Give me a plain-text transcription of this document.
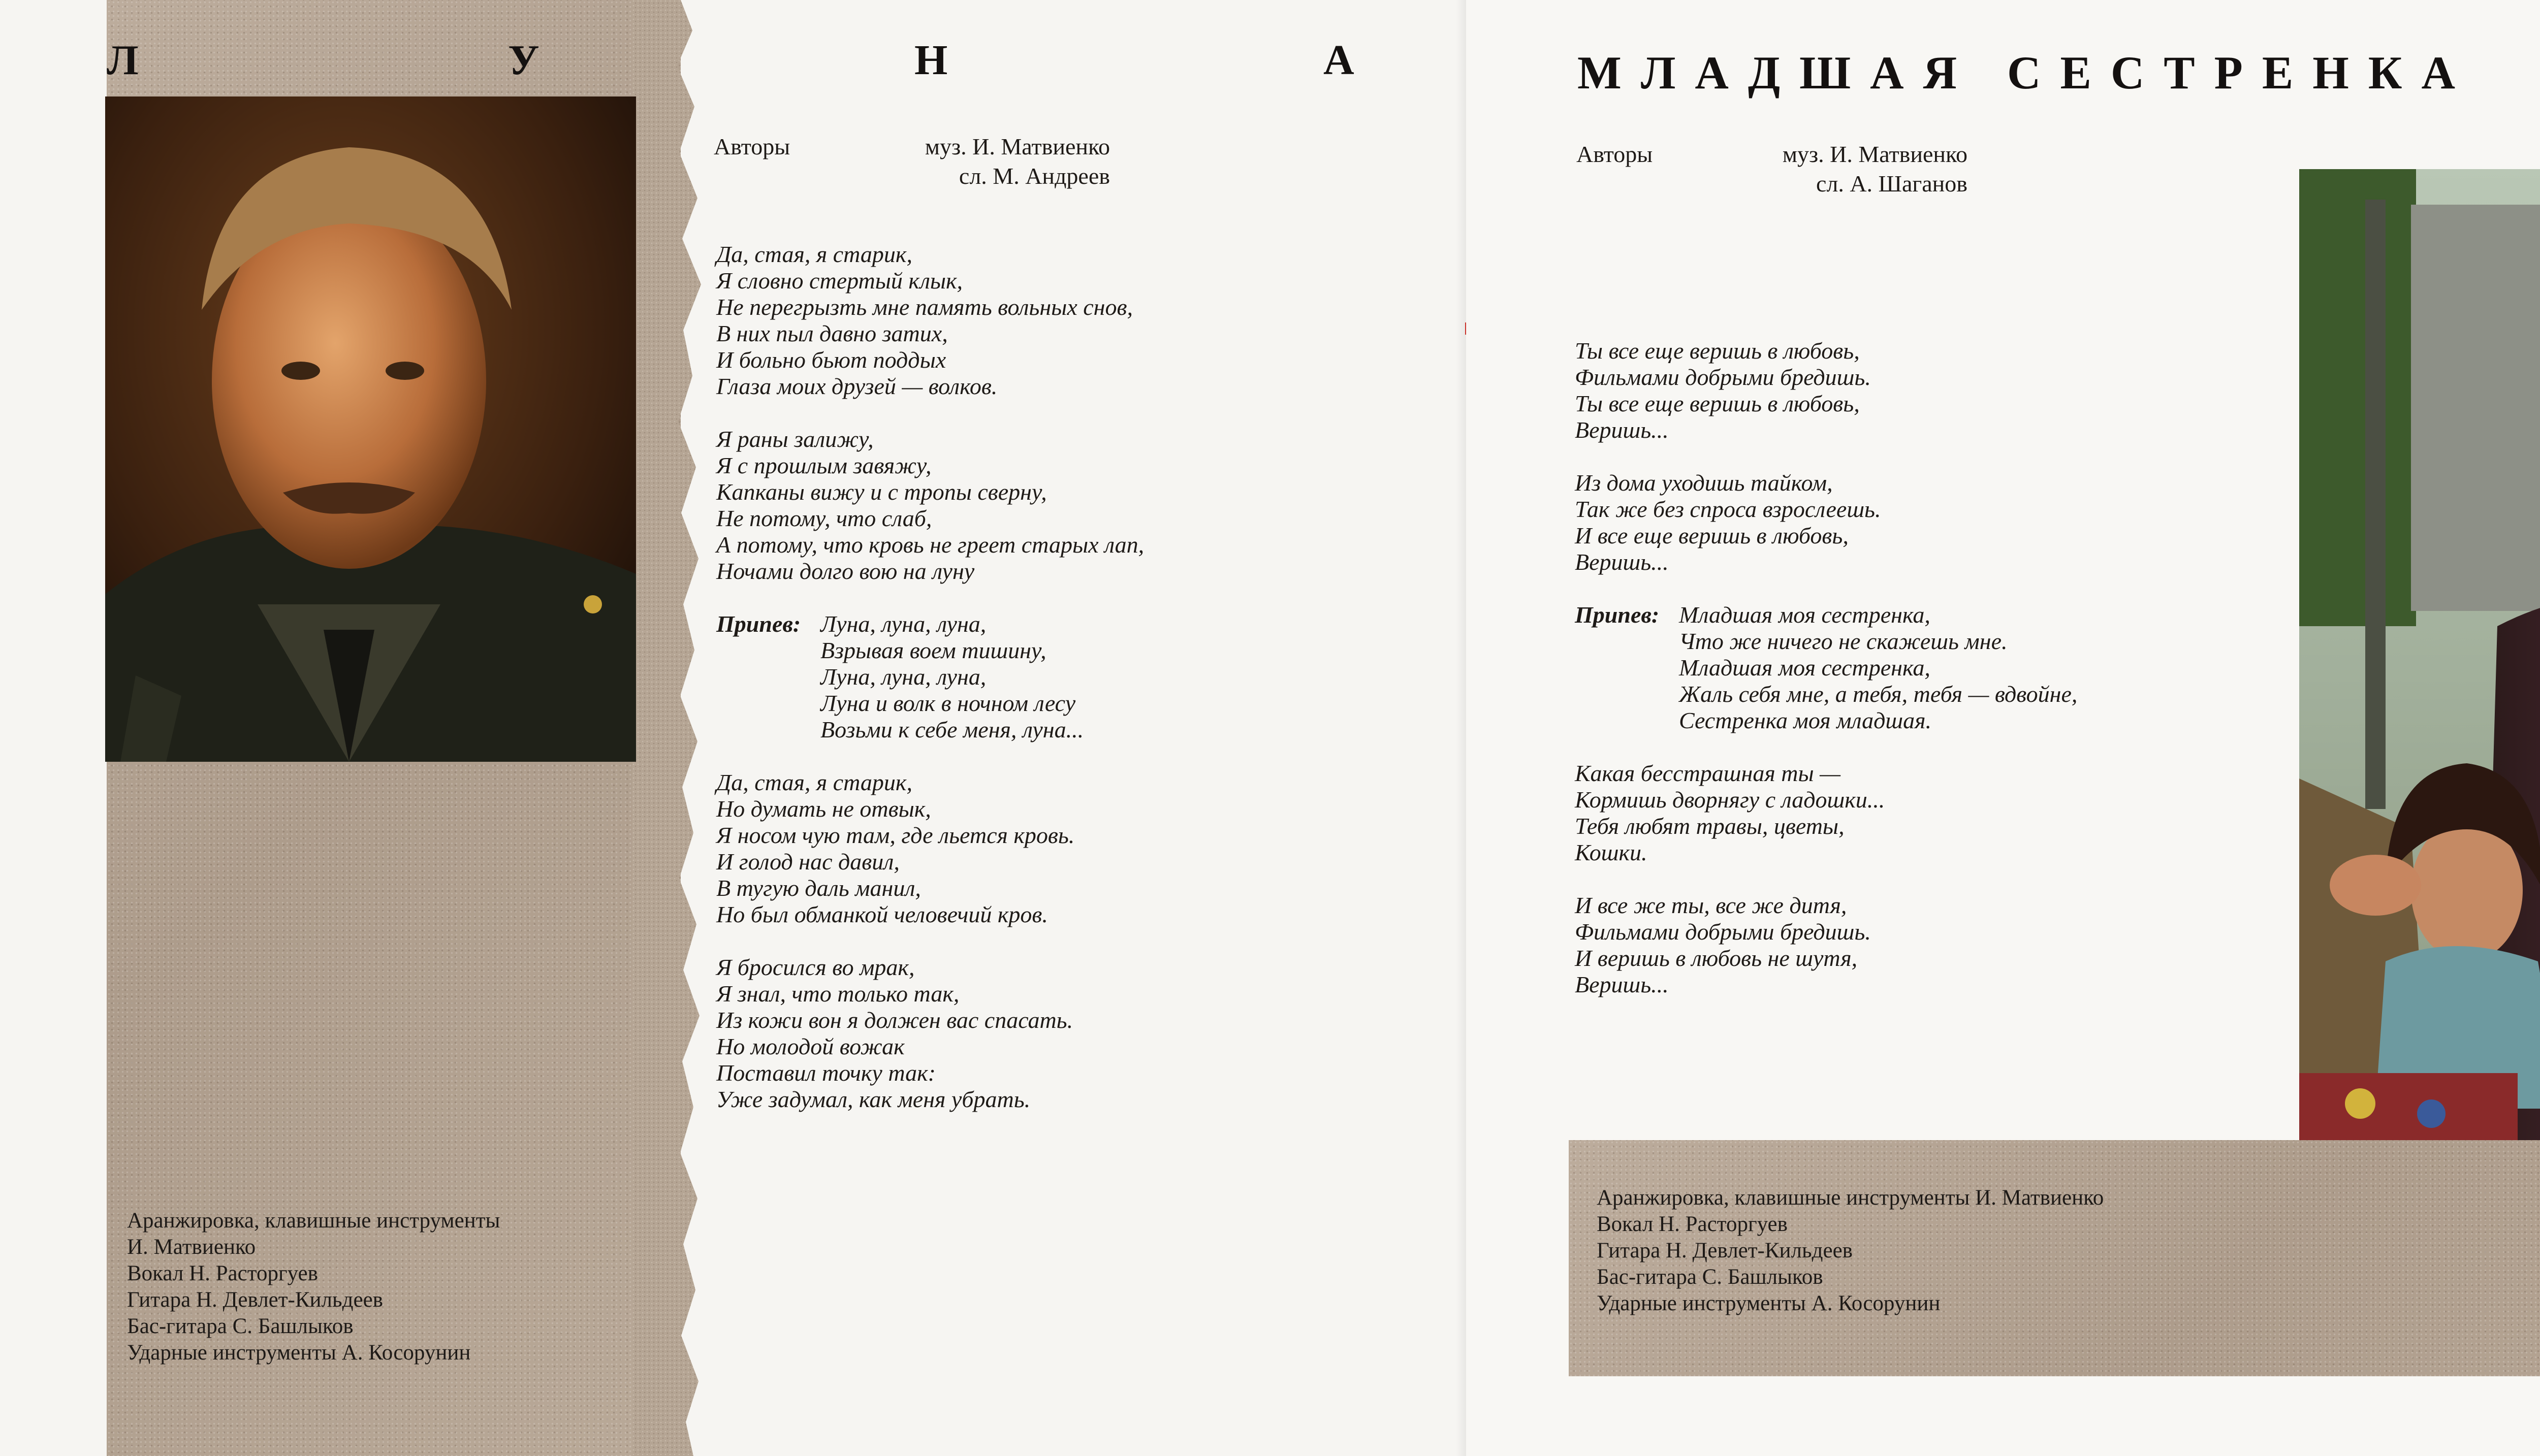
Л	У	Н	А
Авторы	муз. И. Матвиенко
сл. М. Андреев
Да, стая, я старик,
Я словно стертый клык,
Не перегрызть мне память вольных снов,
В них пыл давно затих,
И больно бьют поддых
Глаза моих друзей — волков.
Я раны залижу,
Я с прошлым завяжу,
Капканы вижу и с тропы сверну,
Не потому, что слаб,
А потому, что кровь не греет старых лап,
Ночами долго вою на луну
Припев: Луна, луна, луна,
Взрывая воем тишину,
Луна, луна, луна,
Луна и волк в ночном лесу
Возьми к себе меня, луна...
Да, стая, я старик,
Но думать не отвык,
Я носом чую там, где льется кровь.
И голод нас давил,
В тугую даль манил,
Но был обманкой человечий кров.
Я бросился во мрак,
Я знал, что только так,
Из кожи вон я должен вас спасать.
Но молодой вожак
Поставил точку так:
Уже задумал, как меня убрать.
Аранжировка, клавишные инструменты
И. Матвиенко
Вокал Н. Расторгуев
Гитара Н. Девлет-Кильдеев
Бас-гитара С. Башлыков
Ударные инструменты А. Косорунин
МЛАДШАЯ СЕСТРЕНКА
Авторы	муз. И. Матвиенко
сл. А. Шаганов
Ты все еще веришь в любовь,
Фильмами добрыми бредишь.
Ты все еще веришь в любовь,
Веришь...
Из дома уходишь тайком,
Так же без спроса взрослеешь.
И все еще веришь в любовь,
Веришь...
Припев: Младшая моя сестренка,
Что же ничего не скажешь мне.
Младшая моя сестренка,
Жаль себя мне, а тебя, тебя — вдвойне,
Сестренка моя младшая.
Какая бесстрашная ты —
Кормишь дворнягу с ладошки...
Тебя любят травы, цветы,
Кошки.
И все же ты, все же дитя,
Фильмами добрыми бредишь.
И веришь в любовь не шутя,
Веришь...
Аранжировка, клавишные инструменты И. Матвиенко
Вокал Н. Расторгуев
Гитара Н. Девлет-Кильдеев
Бас-гитара С. Башлыков
Ударные инструменты А. Косорунин
